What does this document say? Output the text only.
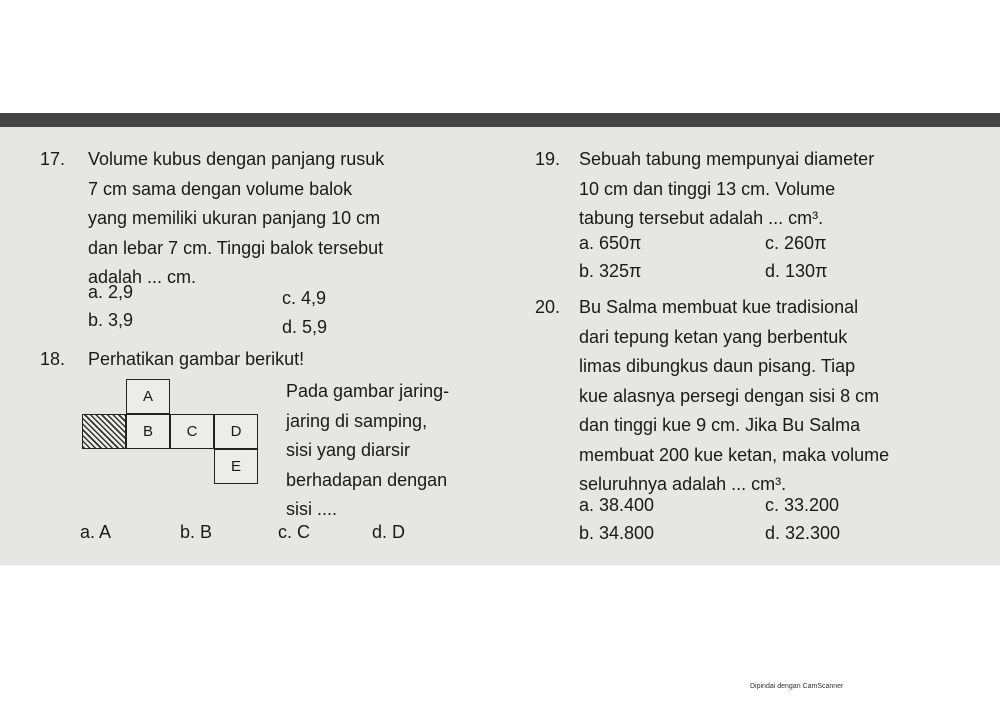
17. Volume kubus dengan panjang rusuk
7 cm sama dengan volume balok
yang memiliki ukuran panjang 10 cm
dan lebar 7 cm. Tinggi balok tersebut
adalah ... cm.
a. 2,9	c. 4,9
b. 3,9	d. 5,9
18. Perhatikan gambar berikut!
A
B	C	D
E
Pada gambar jaring-
jaring di samping,
sisi yang diarsir
berhadapan dengan
sisi ....
a. A	b. B	c. C	d. D
19. Sebuah tabung mempunyai diameter
10 cm dan tinggi 13 cm. Volume
tabung tersebut adalah ... cm³.
a. 650π	c. 260π
b. 325π	d. 130π
20. Bu Salma membuat kue tradisional
dari tepung ketan yang berbentuk
limas dibungkus daun pisang. Tiap
kue alasnya persegi dengan sisi 8 cm
dan tinggi kue 9 cm. Jika Bu Salma
membuat 200 kue ketan, maka volume
seluruhnya adalah ... cm³.
a. 38.400	c. 33.200
b. 34.800	d. 32.300
Dipindai dengan CamScanner
